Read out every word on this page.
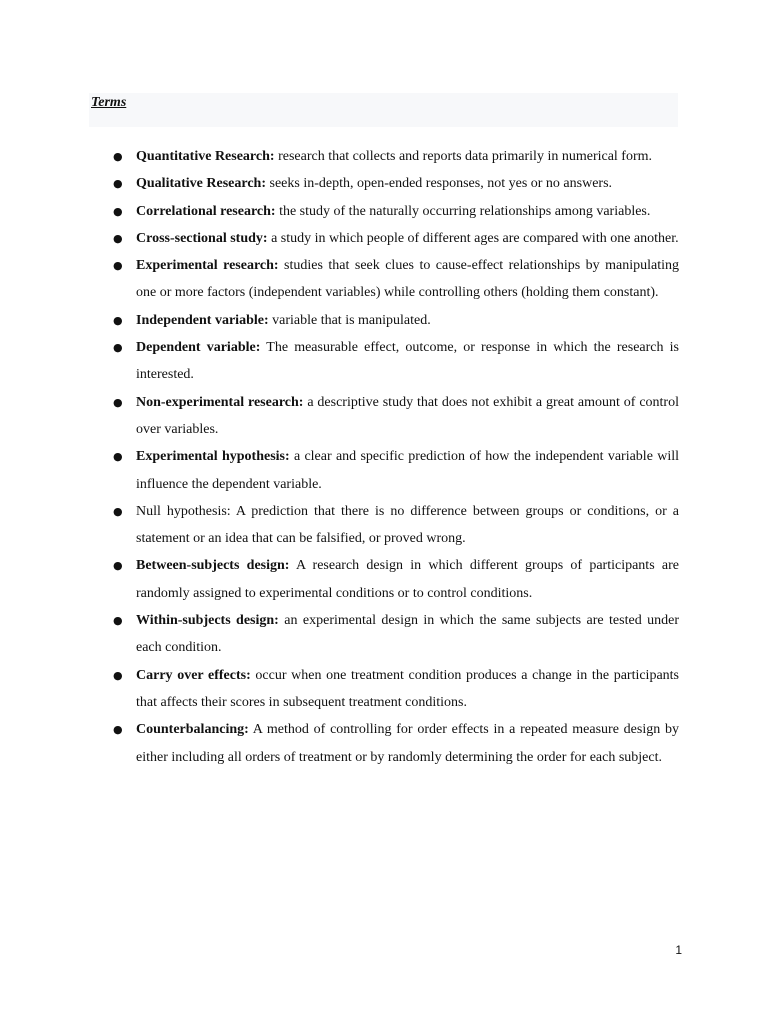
Terms
● Quantitative Research: research that collects and reports data primarily in numerical form.
● Qualitative Research: seeks in-depth, open-ended responses, not yes or no answers.
● Correlational research: the study of the naturally occurring relationships among variables.
● Cross-sectional study: a study in which people of different ages are compared with one another.
● Experimental research: studies that seek clues to cause-effect relationships by manipulating one or more factors (independent variables) while controlling others (holding them constant).
● Independent variable: variable that is manipulated.
● Dependent variable: The measurable effect, outcome, or response in which the research is interested.
● Non-experimental research: a descriptive study that does not exhibit a great amount of control over variables.
● Experimental hypothesis: a clear and specific prediction of how the independent variable will influence the dependent variable.
● Null hypothesis: A prediction that there is no difference between groups or conditions, or a statement or an idea that can be falsified, or proved wrong.
● Between-subjects design: A research design in which different groups of participants are randomly assigned to experimental conditions or to control conditions.
● Within-subjects design: an experimental design in which the same subjects are tested under each condition.
● Carry over effects: occur when one treatment condition produces a change in the participants that affects their scores in subsequent treatment conditions.
● Counterbalancing: A method of controlling for order effects in a repeated measure design by either including all orders of treatment or by randomly determining the order for each subject.
1
